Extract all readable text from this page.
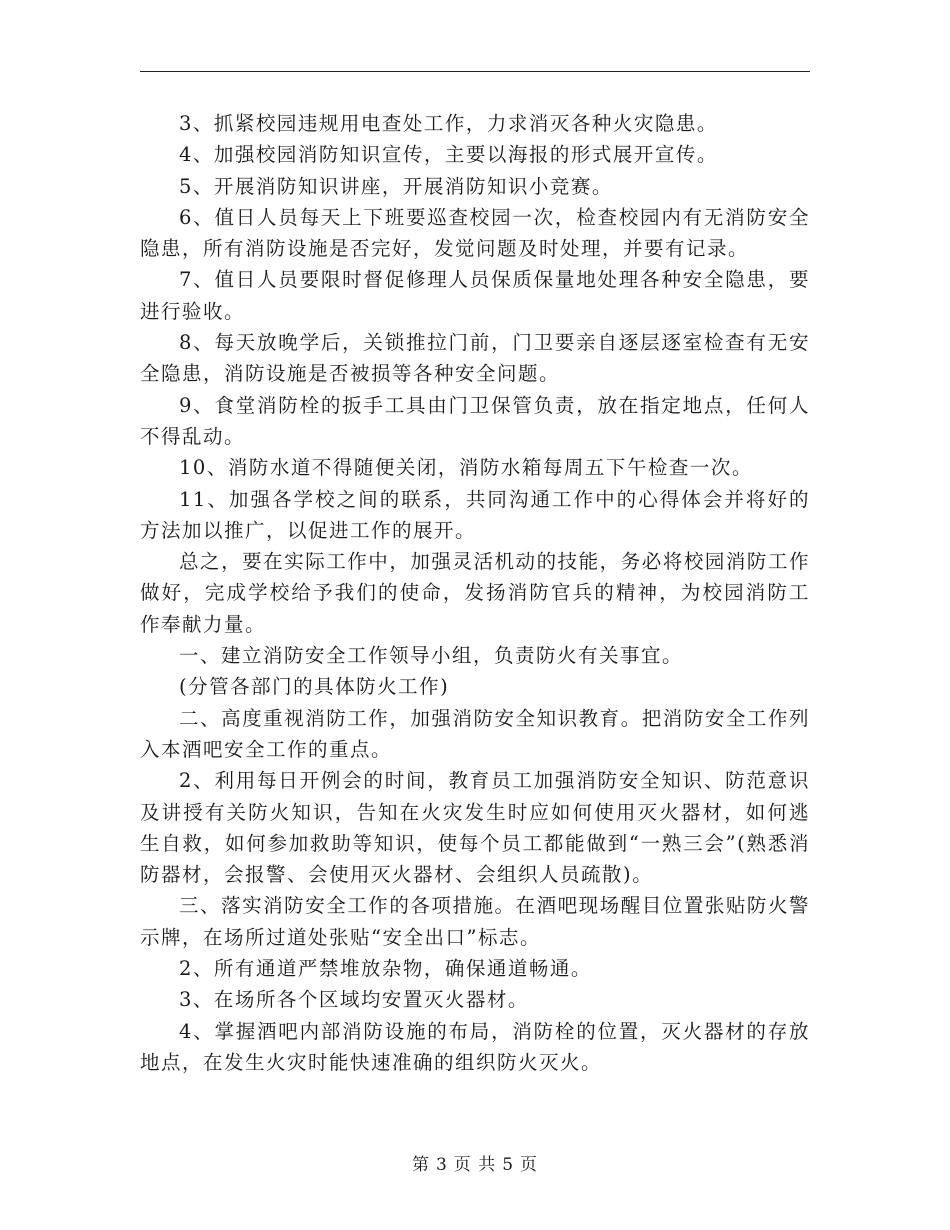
3、抓紧校园违规用电查处工作，力求消灭各种火灾隐患。

4、加强校园消防知识宣传，主要以海报的形式展开宣传。

5、开展消防知识讲座，开展消防知识小竞赛。

6、值日人员每天上下班要巡查校园一次，检查校园内有无消防安全隐患，所有消防设施是否完好，发觉问题及时处理，并要有记录。

7、值日人员要限时督促修理人员保质保量地处理各种安全隐患，要进行验收。

8、每天放晚学后，关锁推拉门前，门卫要亲自逐层逐室检查有无安全隐患，消防设施是否被损等各种安全问题。

9、食堂消防栓的扳手工具由门卫保管负责，放在指定地点，任何人不得乱动。

10、消防水道不得随便关闭，消防水箱每周五下午检查一次。

11、加强各学校之间的联系，共同沟通工作中的心得体会并将好的方法加以推广，以促进工作的展开。

总之，要在实际工作中，加强灵活机动的技能，务必将校园消防工作做好，完成学校给予我们的使命，发扬消防官兵的精神，为校园消防工作奉献力量。

一、建立消防安全工作领导小组，负责防火有关事宜。

(分管各部门的具体防火工作)

二、高度重视消防工作，加强消防安全知识教育。把消防安全工作列入本酒吧安全工作的重点。

2、利用每日开例会的时间，教育员工加强消防安全知识、防范意识及讲授有关防火知识，告知在火灾发生时应如何使用灭火器材，如何逃生自救，如何参加救助等知识，使每个员工都能做到“一熟三会”(熟悉消防器材，会报警、会使用灭火器材、会组织人员疏散)。

三、落实消防安全工作的各项措施。在酒吧现场醒目位置张贴防火警示牌，在场所过道处张贴“安全出口”标志。

2、所有通道严禁堆放杂物，确保通道畅通。

3、在场所各个区域均安置灭火器材。

4、掌握酒吧内部消防设施的布局，消防栓的位置，灭火器材的存放地点，在发生火灾时能快速准确的组织防火灭火。

第 3 页 共 5 页
